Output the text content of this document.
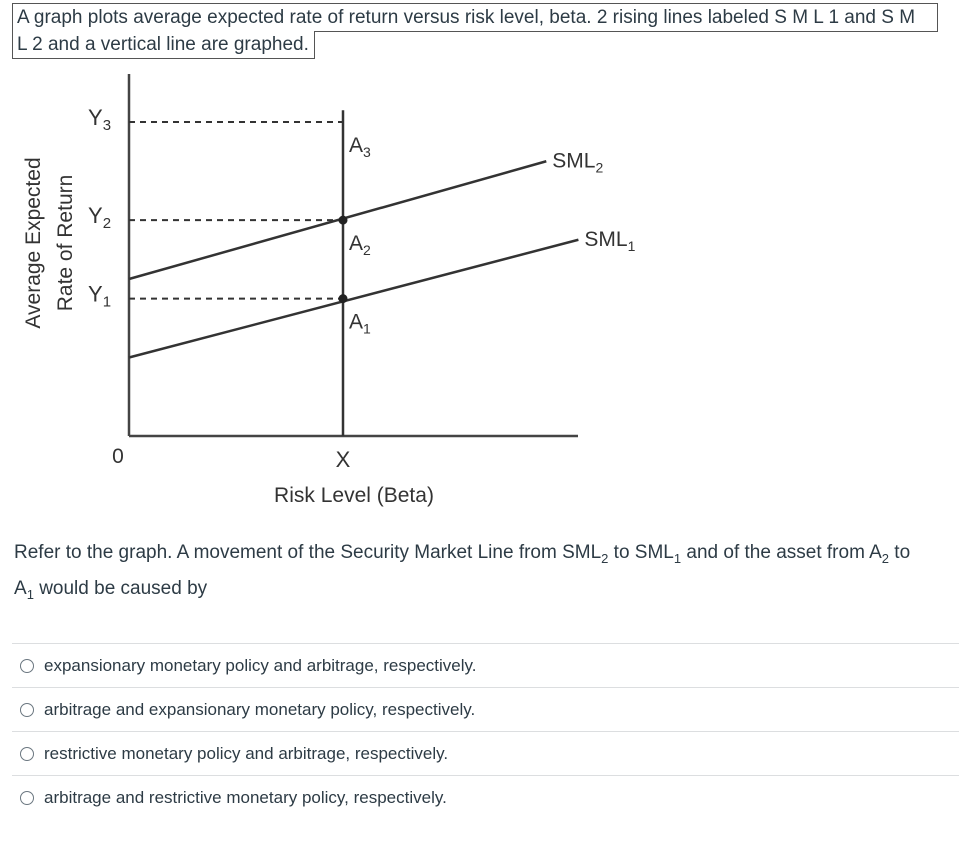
A graph plots average expected rate of return versus risk level, beta. 2 rising lines labeled S M L 1 and S M
L 2 and a vertical line are graphed.
$SML_1$
$SML_2$
$A_1$
$A_2$
$A_3$
$Y_1$
$Y_2$
$Y_3$
0	X
Risk Level (Beta)
Average Expected Rate of Return
Refer to the graph. A movement of the Security Market Line from $SML_2$ to $SML_1$ and of the asset from $A_2$ to
$A_1$ would be caused by
expansionary monetary policy and arbitrage, respectively.
arbitrage and expansionary monetary policy, respectively.
restrictive monetary policy and arbitrage, respectively.
arbitrage and restrictive monetary policy, respectively.
